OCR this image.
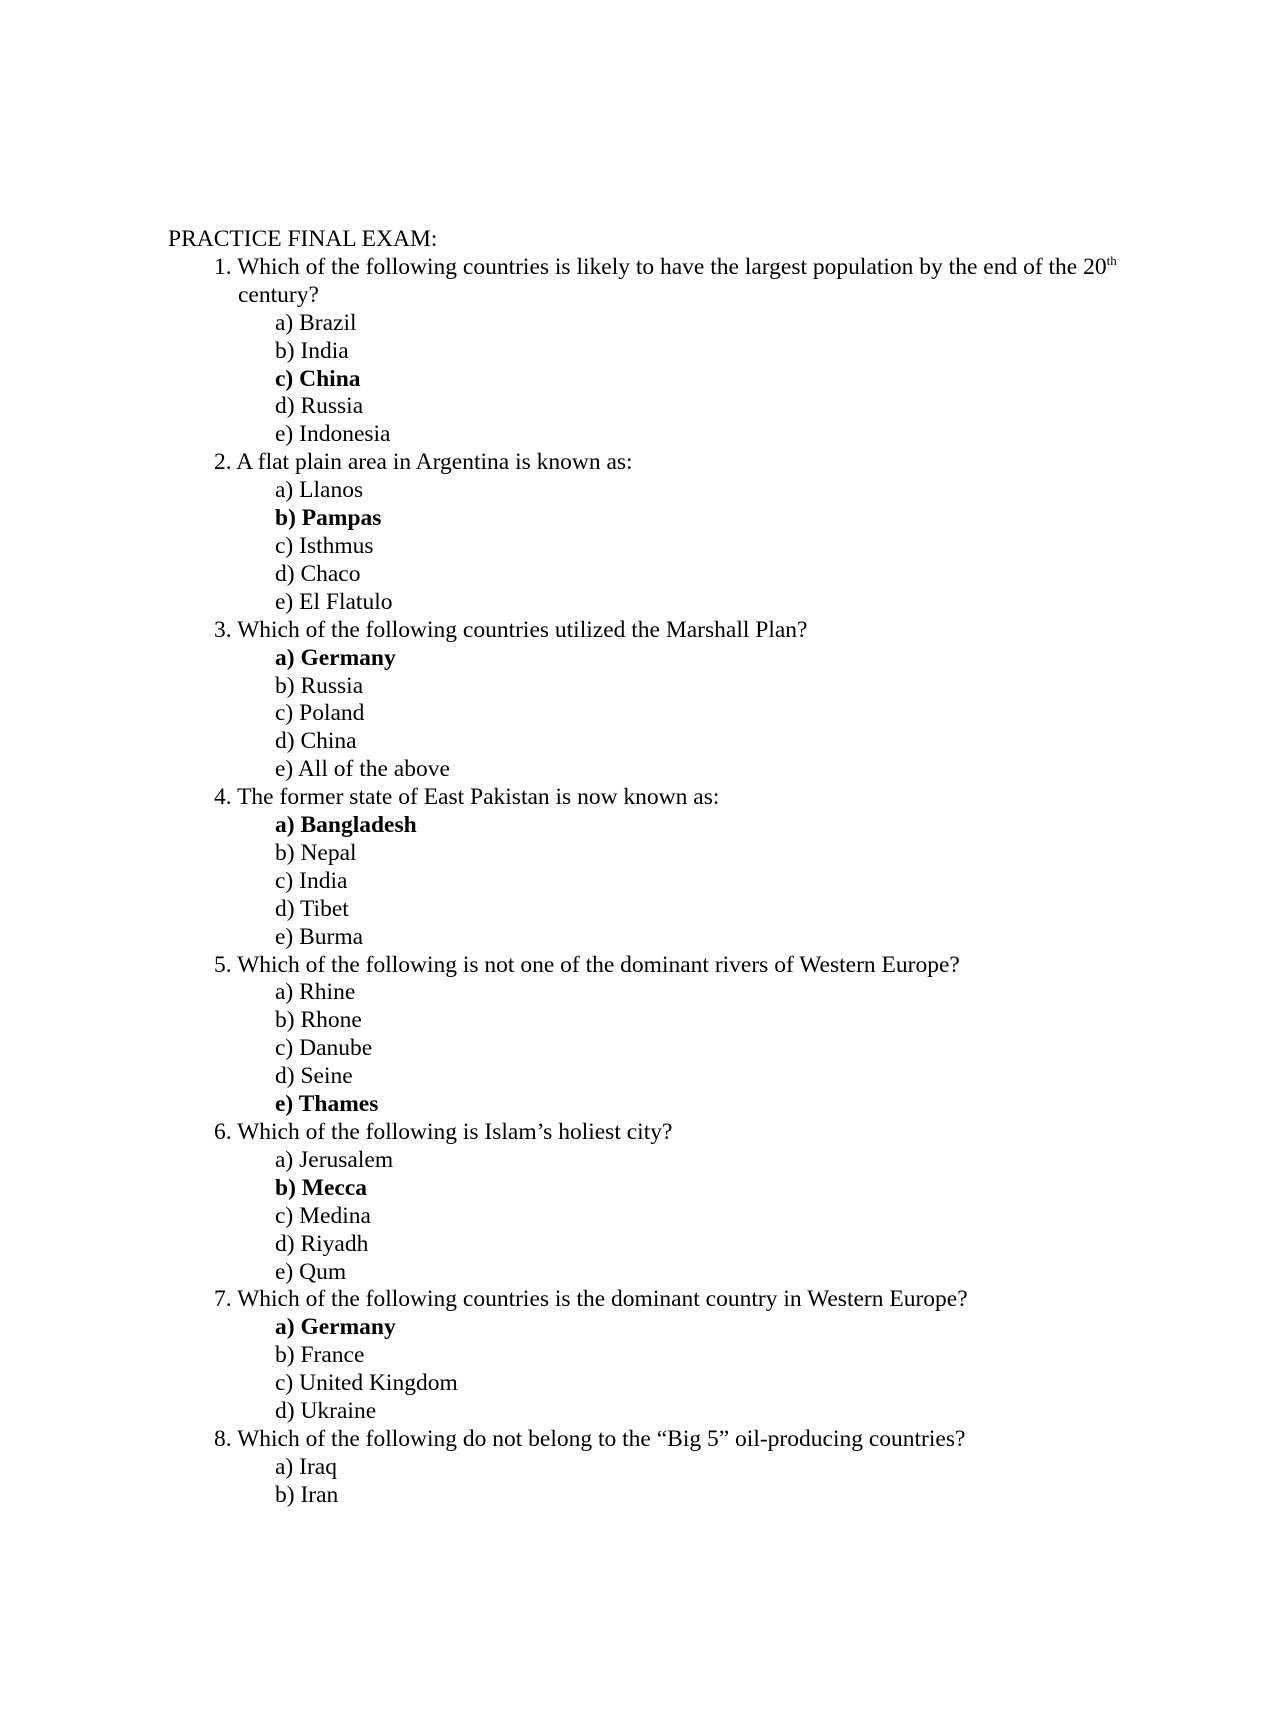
PRACTICE FINAL EXAM:
1. Which of the following countries is likely to have the largest population by the end of the 20th century?
a) Brazil
b) India
c) China
d) Russia
e) Indonesia
2. A flat plain area in Argentina is known as:
a) Llanos
b) Pampas
c) Isthmus
d) Chaco
e) El Flatulo
3. Which of the following countries utilized the Marshall Plan?
a) Germany
b) Russia
c) Poland
d) China
e) All of the above
4. The former state of East Pakistan is now known as:
a) Bangladesh
b) Nepal
c) India
d) Tibet
e) Burma
5. Which of the following is not one of the dominant rivers of Western Europe?
a) Rhine
b) Rhone
c) Danube
d) Seine
e) Thames
6. Which of the following is Islam’s holiest city?
a) Jerusalem
b) Mecca
c) Medina
d) Riyadh
e) Qum
7. Which of the following countries is the dominant country in Western Europe?
a) Germany
b) France
c) United Kingdom
d) Ukraine
8. Which of the following do not belong to the “Big 5” oil-producing countries?
a) Iraq
b) Iran
